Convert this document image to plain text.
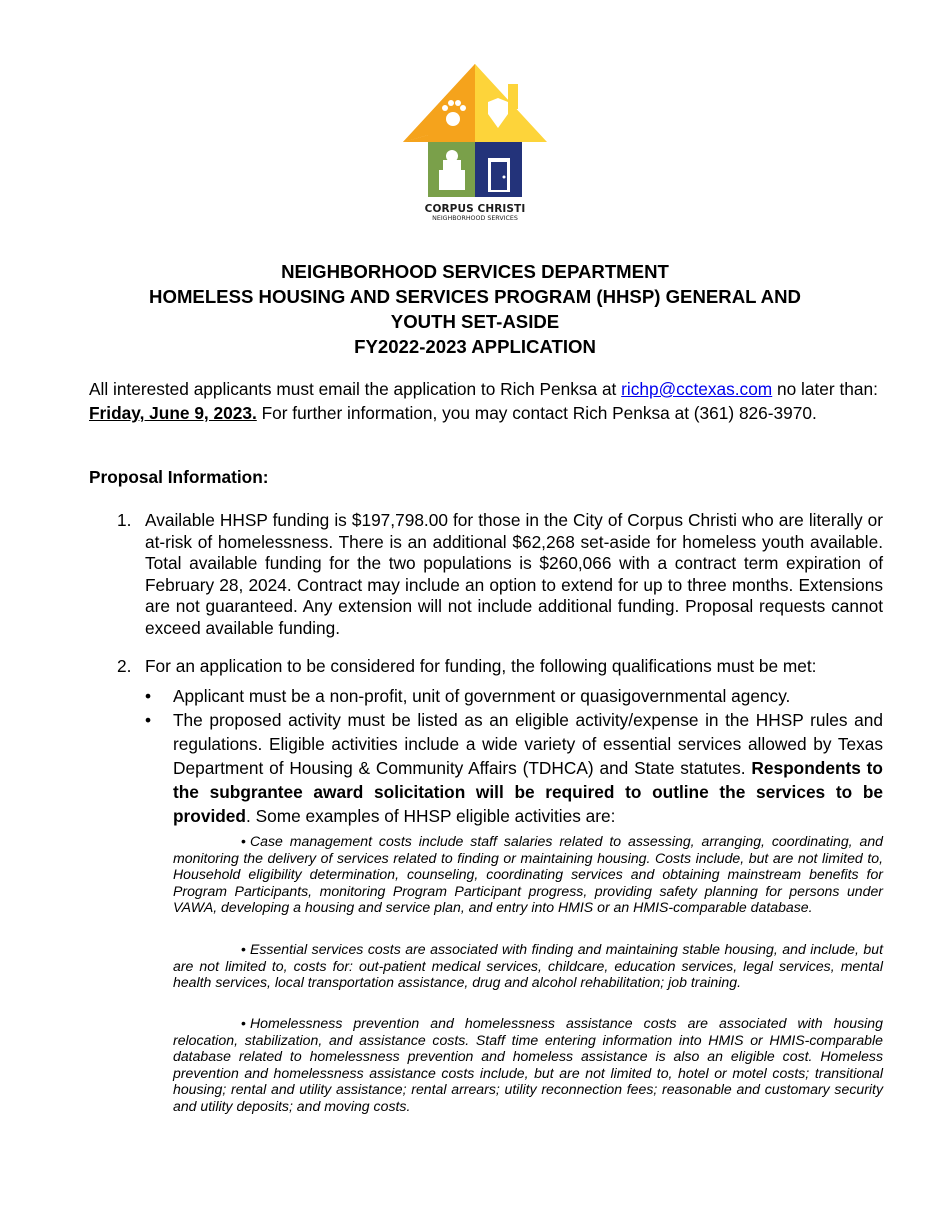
CORPUS CHRISTI
NEIGHBORHOOD SERVICES
NEIGHBORHOOD SERVICES DEPARTMENT
HOMELESS HOUSING AND SERVICES PROGRAM (HHSP) GENERAL AND
YOUTH SET-ASIDE
FY2022-2023 APPLICATION
All interested applicants must email the application to Rich Penksa at richp@cctexas.com no later than: Friday, June 9, 2023. For further information, you may contact Rich Penksa at (361) 826-3970.
Proposal Information:
1. Available HHSP funding is $197,798.00 for those in the City of Corpus Christi who are literally or at-risk of homelessness. There is an additional $62,268 set-aside for homeless youth available. Total available funding for the two populations is $260,066 with a contract term expiration of February 28, 2024. Contract may include an option to extend for up to three months. Extensions are not guaranteed. Any extension will not include additional funding. Proposal requests cannot exceed available funding.
2. For an application to be considered for funding, the following qualifications must be met:
• Applicant must be a non-profit, unit of government or quasigovernmental agency.
• The proposed activity must be listed as an eligible activity/expense in the HHSP rules and regulations. Eligible activities include a wide variety of essential services allowed by Texas Department of Housing & Community Affairs (TDHCA) and State statutes. Respondents to the subgrantee award solicitation will be required to outline the services to be provided. Some examples of HHSP eligible activities are:
• Case management costs include staff salaries related to assessing, arranging, coordinating, and monitoring the delivery of services related to finding or maintaining housing. Costs include, but are not limited to, Household eligibility determination, counseling, coordinating services and obtaining mainstream benefits for Program Participants, monitoring Program Participant progress, providing safety planning for persons under VAWA, developing a housing and service plan, and entry into HMIS or an HMIS-comparable database.
• Essential services costs are associated with finding and maintaining stable housing, and include, but are not limited to, costs for: out-patient medical services, childcare, education services, legal services, mental health services, local transportation assistance, drug and alcohol rehabilitation; job training.
• Homelessness prevention and homelessness assistance costs are associated with housing relocation, stabilization, and assistance costs. Staff time entering information into HMIS or HMIS-comparable database related to homelessness prevention and homeless assistance is also an eligible cost. Homeless prevention and homelessness assistance costs include, but are not limited to, hotel or motel costs; transitional housing; rental and utility assistance; rental arrears; utility reconnection fees; reasonable and customary security and utility deposits; and moving costs.
